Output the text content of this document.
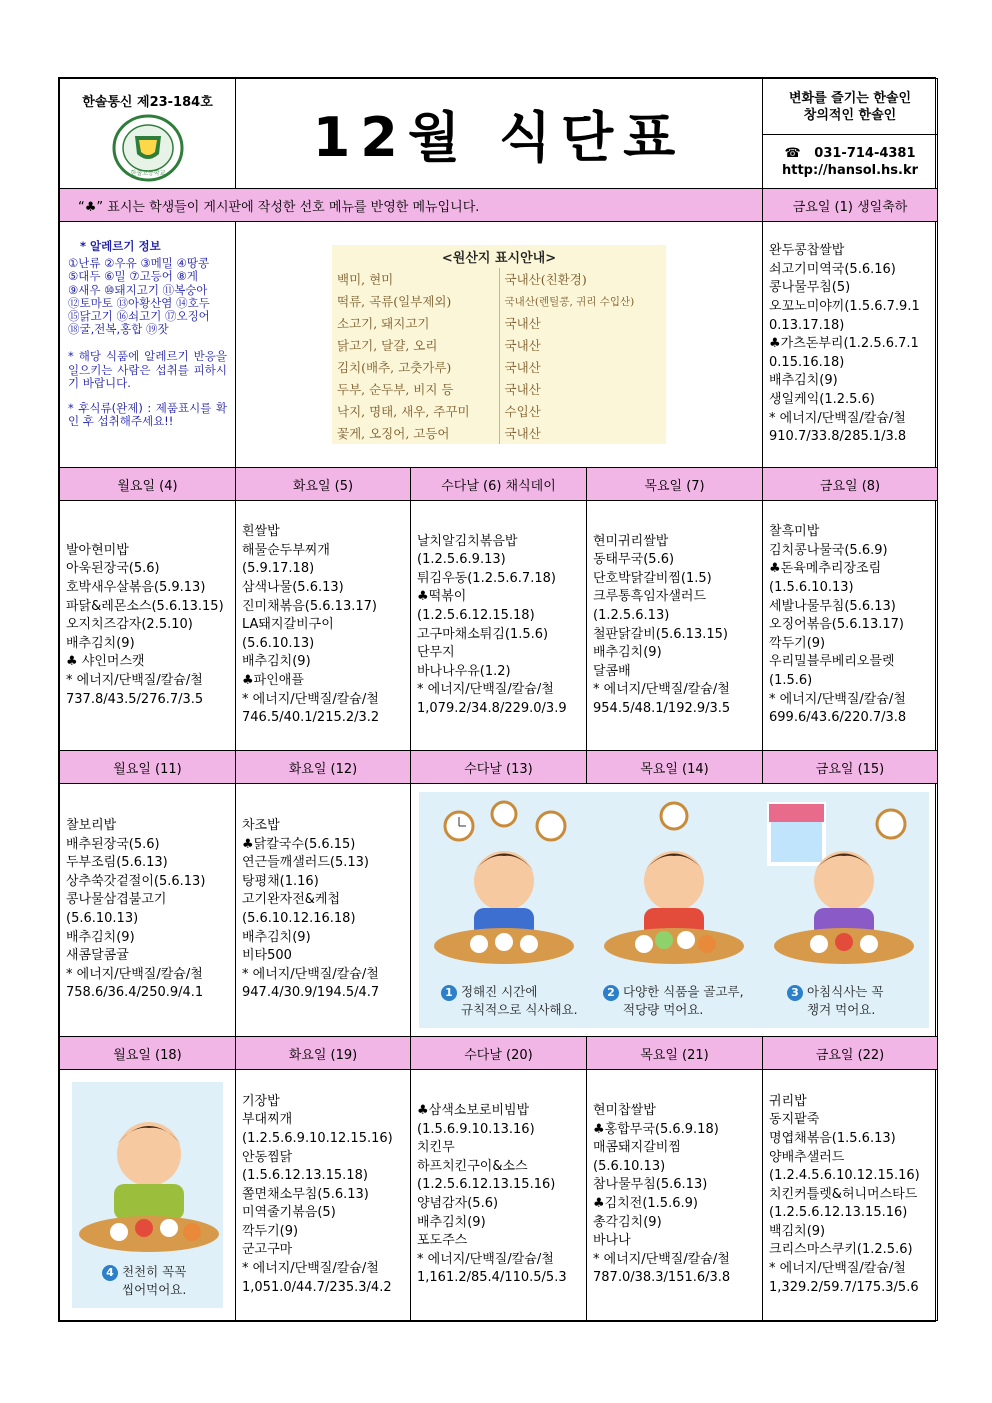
한솔통신 제23-184호
한솔고등학교
	12월 식단표	
변화를 즐기는 한솔인
창의적인 한솔인

☎ 031-714-4381
http://hansol.hs.kr

“♣” 표시는 학생들이 게시판에 작성한 선호 메뉴를 반영한 메뉴입니다.	금요일 (1) 생일축하

* 알레르기 정보
①난류 ②우유 ③메밀 ④땅콩
⑤대두 ⑥밀 ⑦고등어 ⑧게
⑨새우 ⑩돼지고기 ⑪복숭아
⑫토마토 ⑬아황산염 ⑭호두
⑮닭고기 ⑯쇠고기 ⑰오징어
⑱굴,전복,홍합 ⑲잣
* 해당 식품에 알레르기 반응을 일으키는 사람은 섭취를 피하시기 바랍니다.
* 후식류(완제) : 제품표시를 확인 후 섭취해주세요!!

<원산지 표시안내>
백미, 현미	국내산(친환경)
떡류, 곡류(일부제외)	국내산(렌틸콩, 귀리 수입산)
소고기, 돼지고기	국내산
닭고기, 달걀, 오리	국내산
김치(배추, 고춧가루)	국내산
두부, 순두부, 비지 등	국내산
낙지, 명태, 새우, 주꾸미	수입산
꽃게, 오징어, 고등어	국내산

완두콩찹쌀밥
쇠고기미역국(5.6.16)
콩나물무침(5)
오꼬노미야끼(1.5.6.7.9.1
0.13.17.18)
♣가츠돈부리(1.2.5.6.7.1
0.15.16.18)
배추김치(9)
생일케익(1.2.5.6)
* 에너지/단백질/칼슘/철
910.7/33.8/285.1/3.8

월요일 (4)	화요일 (5)	수다날 (6) 채식데이	목요일 (7)	금요일 (8)

발아현미밥
아욱된장국(5.6)
호박새우살볶음(5.9.13)
파닭&레몬소스(5.6.13.15)
오지치즈감자(2.5.10)
배추김치(9)
♣ 샤인머스캣
* 에너지/단백질/칼슘/철
737.8/43.5/276.7/3.5

흰쌀밥
해물순두부찌개
(5.9.17.18)
삼색나물(5.6.13)
진미채볶음(5.6.13.17)
LA돼지갈비구이
(5.6.10.13)
배추김치(9)
♣파인애플
* 에너지/단백질/칼슘/철
746.5/40.1/215.2/3.2

날치알김치볶음밥
(1.2.5.6.9.13)
튀김우동(1.2.5.6.7.18)
♣떡볶이
(1.2.5.6.12.15.18)
고구마채소튀김(1.5.6)
단무지
바나나우유(1.2)
* 에너지/단백질/칼슘/철
1,079.2/34.8/229.0/3.9

현미귀리쌀밥
동태무국(5.6)
단호박닭갈비찜(1.5)
크루통흑임자샐러드
(1.2.5.6.13)
철판닭갈비(5.6.13.15)
배추김치(9)
달콤배
* 에너지/단백질/칼슘/철
954.5/48.1/192.9/3.5

찰흑미밥
김치콩나물국(5.6.9)
♣돈육메추리장조림
(1.5.6.10.13)
세발나물무침(5.6.13)
오징어볶음(5.6.13.17)
깍두기(9)
우리밀블루베리오믈렛
(1.5.6)
* 에너지/단백질/칼슘/철
699.6/43.6/220.7/3.8

월요일 (11)	화요일 (12)	수다날 (13)	목요일 (14)	금요일 (15)

찰보리밥
배추된장국(5.6)
두부조림(5.6.13)
상추쑥갓겉절이(5.6.13)
콩나물삼겹불고기
(5.6.10.13)
배추김치(9)
새콤달콤귤
* 에너지/단백질/칼슘/철
758.6/36.4/250.9/4.1

차조밥
♣닭칼국수(5.6.15)
연근들깨샐러드(5.13)
탕평채(1.16)
고기완자전&케첩
(5.6.10.12.16.18)
배추김치(9)
비타500
* 에너지/단백질/칼슘/철
947.4/30.9/194.5/4.7	1 정해진 시간에
규칙적으로 식사해요.
2 다양한 식품을 골고루,
적당량 먹어요.
3 아침식사는 꼭
챙겨 먹어요.

월요일 (18)	화요일 (19)	수다날 (20)	목요일 (21)	금요일 (22)

4 천천히 꼭꼭
씹어먹어요.

기장밥
부대찌개
(1.2.5.6.9.10.12.15.16)
안동찜닭
(1.5.6.12.13.15.18)
쫄면채소무침(5.6.13)
미역줄기볶음(5)
깍두기(9)
군고구마
* 에너지/단백질/칼슘/철
1,051.0/44.7/235.3/4.2

♣삼색소보로비빔밥
(1.5.6.9.10.13.16)
치킨무
하프치킨구이&소스
(1.2.5.6.12.13.15.16)
양념감자(5.6)
배추김치(9)
포도주스
* 에너지/단백질/칼슘/철
1,161.2/85.4/110.5/5.3

현미찹쌀밥
♣홍합무국(5.6.9.18)
매콤돼지갈비찜
(5.6.10.13)
참나물무침(5.6.13)
♣김치전(1.5.6.9)
총각김치(9)
바나나
* 에너지/단백질/칼슘/철
787.0/38.3/151.6/3.8

귀리밥
동지팥죽
명엽채볶음(1.5.6.13)
양배추샐러드
(1.2.4.5.6.10.12.15.16)
치킨커틀렛&허니머스타드
(1.2.5.6.12.13.15.16)
백김치(9)
크리스마스쿠키(1.2.5.6)
* 에너지/단백질/칼슘/철
1,329.2/59.7/175.3/5.6
